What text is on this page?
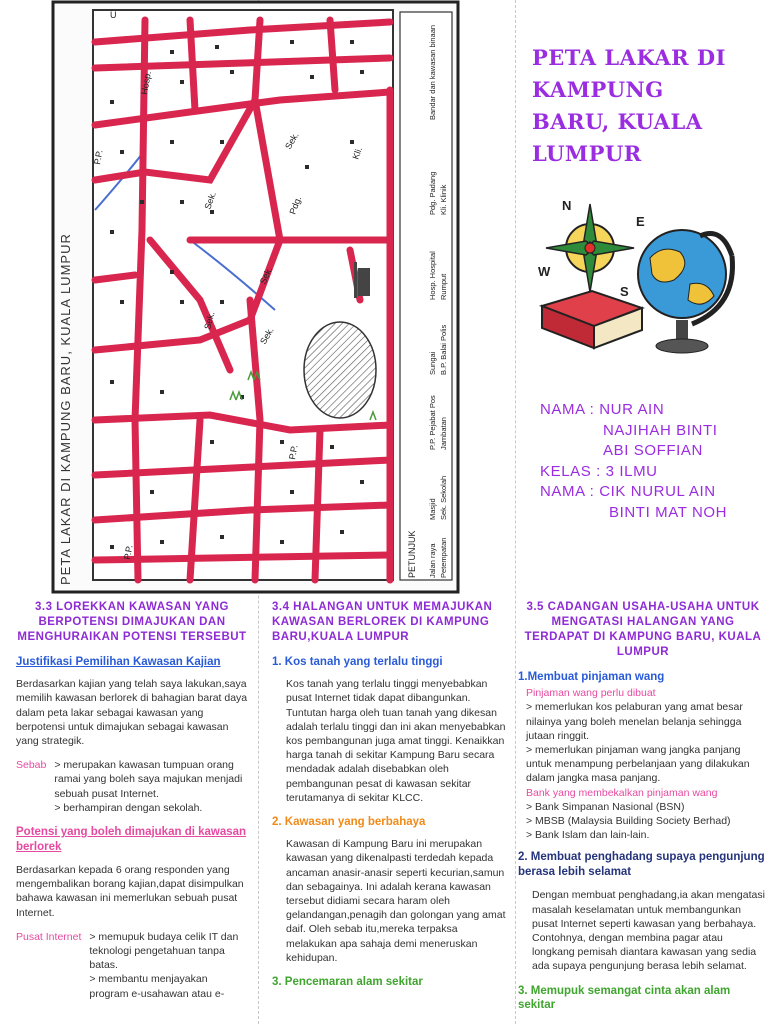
U
Hosp.
P.P.
Sek.
Sek.
Pdg.
Kli.
Sek.
Sek.
Sek.
P.P.
P.P.
PETA LAKAR DI KAMPUNG BARU, KUALA LUMPUR	PETUNJUK Jalan raya Petempatan
Masjid Sek. Sekolah
P.P. Pejabat Pos Jambatan
Sungai B.P. Balai Polis
Hosp. Hospital Rumput
Pdg. Padang Kli. Klinik
Bandar dan kawasan binaan	PETA LAKAR DI
KAMPUNG
BARU, KUALA
LUMPUR
N
E
W
S
NAMA : NUR AIN
NAJIHAH BINTI
ABI SOFFIAN
KELAS : 3 ILMU
NAMA : CIK NURUL AIN
BINTI MAT NOH
3.3 LOREKKAN KAWASAN YANG BERPOTENSI DIMAJUKAN DAN MENGHURAIKAN POTENSI TERSEBUT
Justifikasi Pemilihan Kawasan Kajian

Berdasarkan kajian yang telah saya lakukan,saya memilih kawasan berlorek di bahagian barat daya dalam peta lakar sebagai kawasan yang berpotensi untuk dimajukan sebagai kawasan yang strategik.

Sebab > merupakan kawasan tumpuan orang ramai yang boleh saya majukan menjadi sebuah pusat Internet.
> berhampiran dengan sekolah.
Potensi yang boleh dimajukan di kawasan berlorek

Berdasarkan kepada 6 orang responden yang mengembalikan borang kajian,dapat disimpulkan bahawa kawasan ini memerlukan sebuah pusat Internet.

Pusat Internet > memupuk budaya celik IT dan teknologi pengetahuan tanpa batas.
> membantu menjayakan program e-usahawan atau e-
3.4 HALANGAN UNTUK MEMAJUKAN KAWASAN BERLOREK DI KAMPUNG BARU,KUALA LUMPUR
1. Kos tanah yang terlalu tinggi

Kos tanah yang terlalu tinggi menyebabkan pusat Internet tidak dapat dibangunkan. Tuntutan harga oleh tuan tanah yang dikesan adalah terlalu tinggi dan ini akan menyebabkan kos pembangunan juga amat tinggi. Kenaikkan harga tanah di sekitar Kampung Baru secara mendadak adalah disebabkan oleh pembangunan pesat di kawasan sekitar terutamanya di sekitar KLCC.

2. Kawasan yang berbahaya

Kawasan di Kampung Baru ini merupakan kawasan yang dikenalpasti terdedah kepada ancaman anasir-anasir seperti kecurian,samun dan sebagainya. Ini adalah kerana kawasan tersebut didiami secara haram oleh gelandangan,penagih dan golongan yang amat daif. Oleh sebab itu,mereka terpaksa melakukan apa sahaja demi meneruskan kehidupan.

3. Pencemaran alam sekitar
3.5 CADANGAN USAHA-USAHA UNTUK MENGATASI HALANGAN YANG TERDAPAT DI KAMPUNG BARU, KUALA LUMPUR
1.Membuat pinjaman wang
Pinjaman wang perlu dibuat
> memerlukan kos pelaburan yang amat besar nilainya yang boleh menelan belanja sehingga jutaan ringgit.
> memerlukan pinjaman wang jangka panjang untuk menampung perbelanjaan yang dilakukan dalam jangka masa panjang.
Bank yang membekalkan pinjaman wang
> Bank Simpanan Nasional (BSN)
> MBSB (Malaysia Building Society Berhad)
> Bank Islam dan lain-lain.
2. Membuat penghadang supaya pengunjung berasa lebih selamat

Dengan membuat penghadang,ia akan mengatasi masalah keselamatan untuk membangunkan pusat Internet seperti kawasan yang berbahaya. Contohnya, dengan membina pagar atau longkang pemisah diantara kawasan yang sedia ada supaya pengunjung berasa lebih selamat.

3. Memupuk semangat cinta akan alam sekitar
